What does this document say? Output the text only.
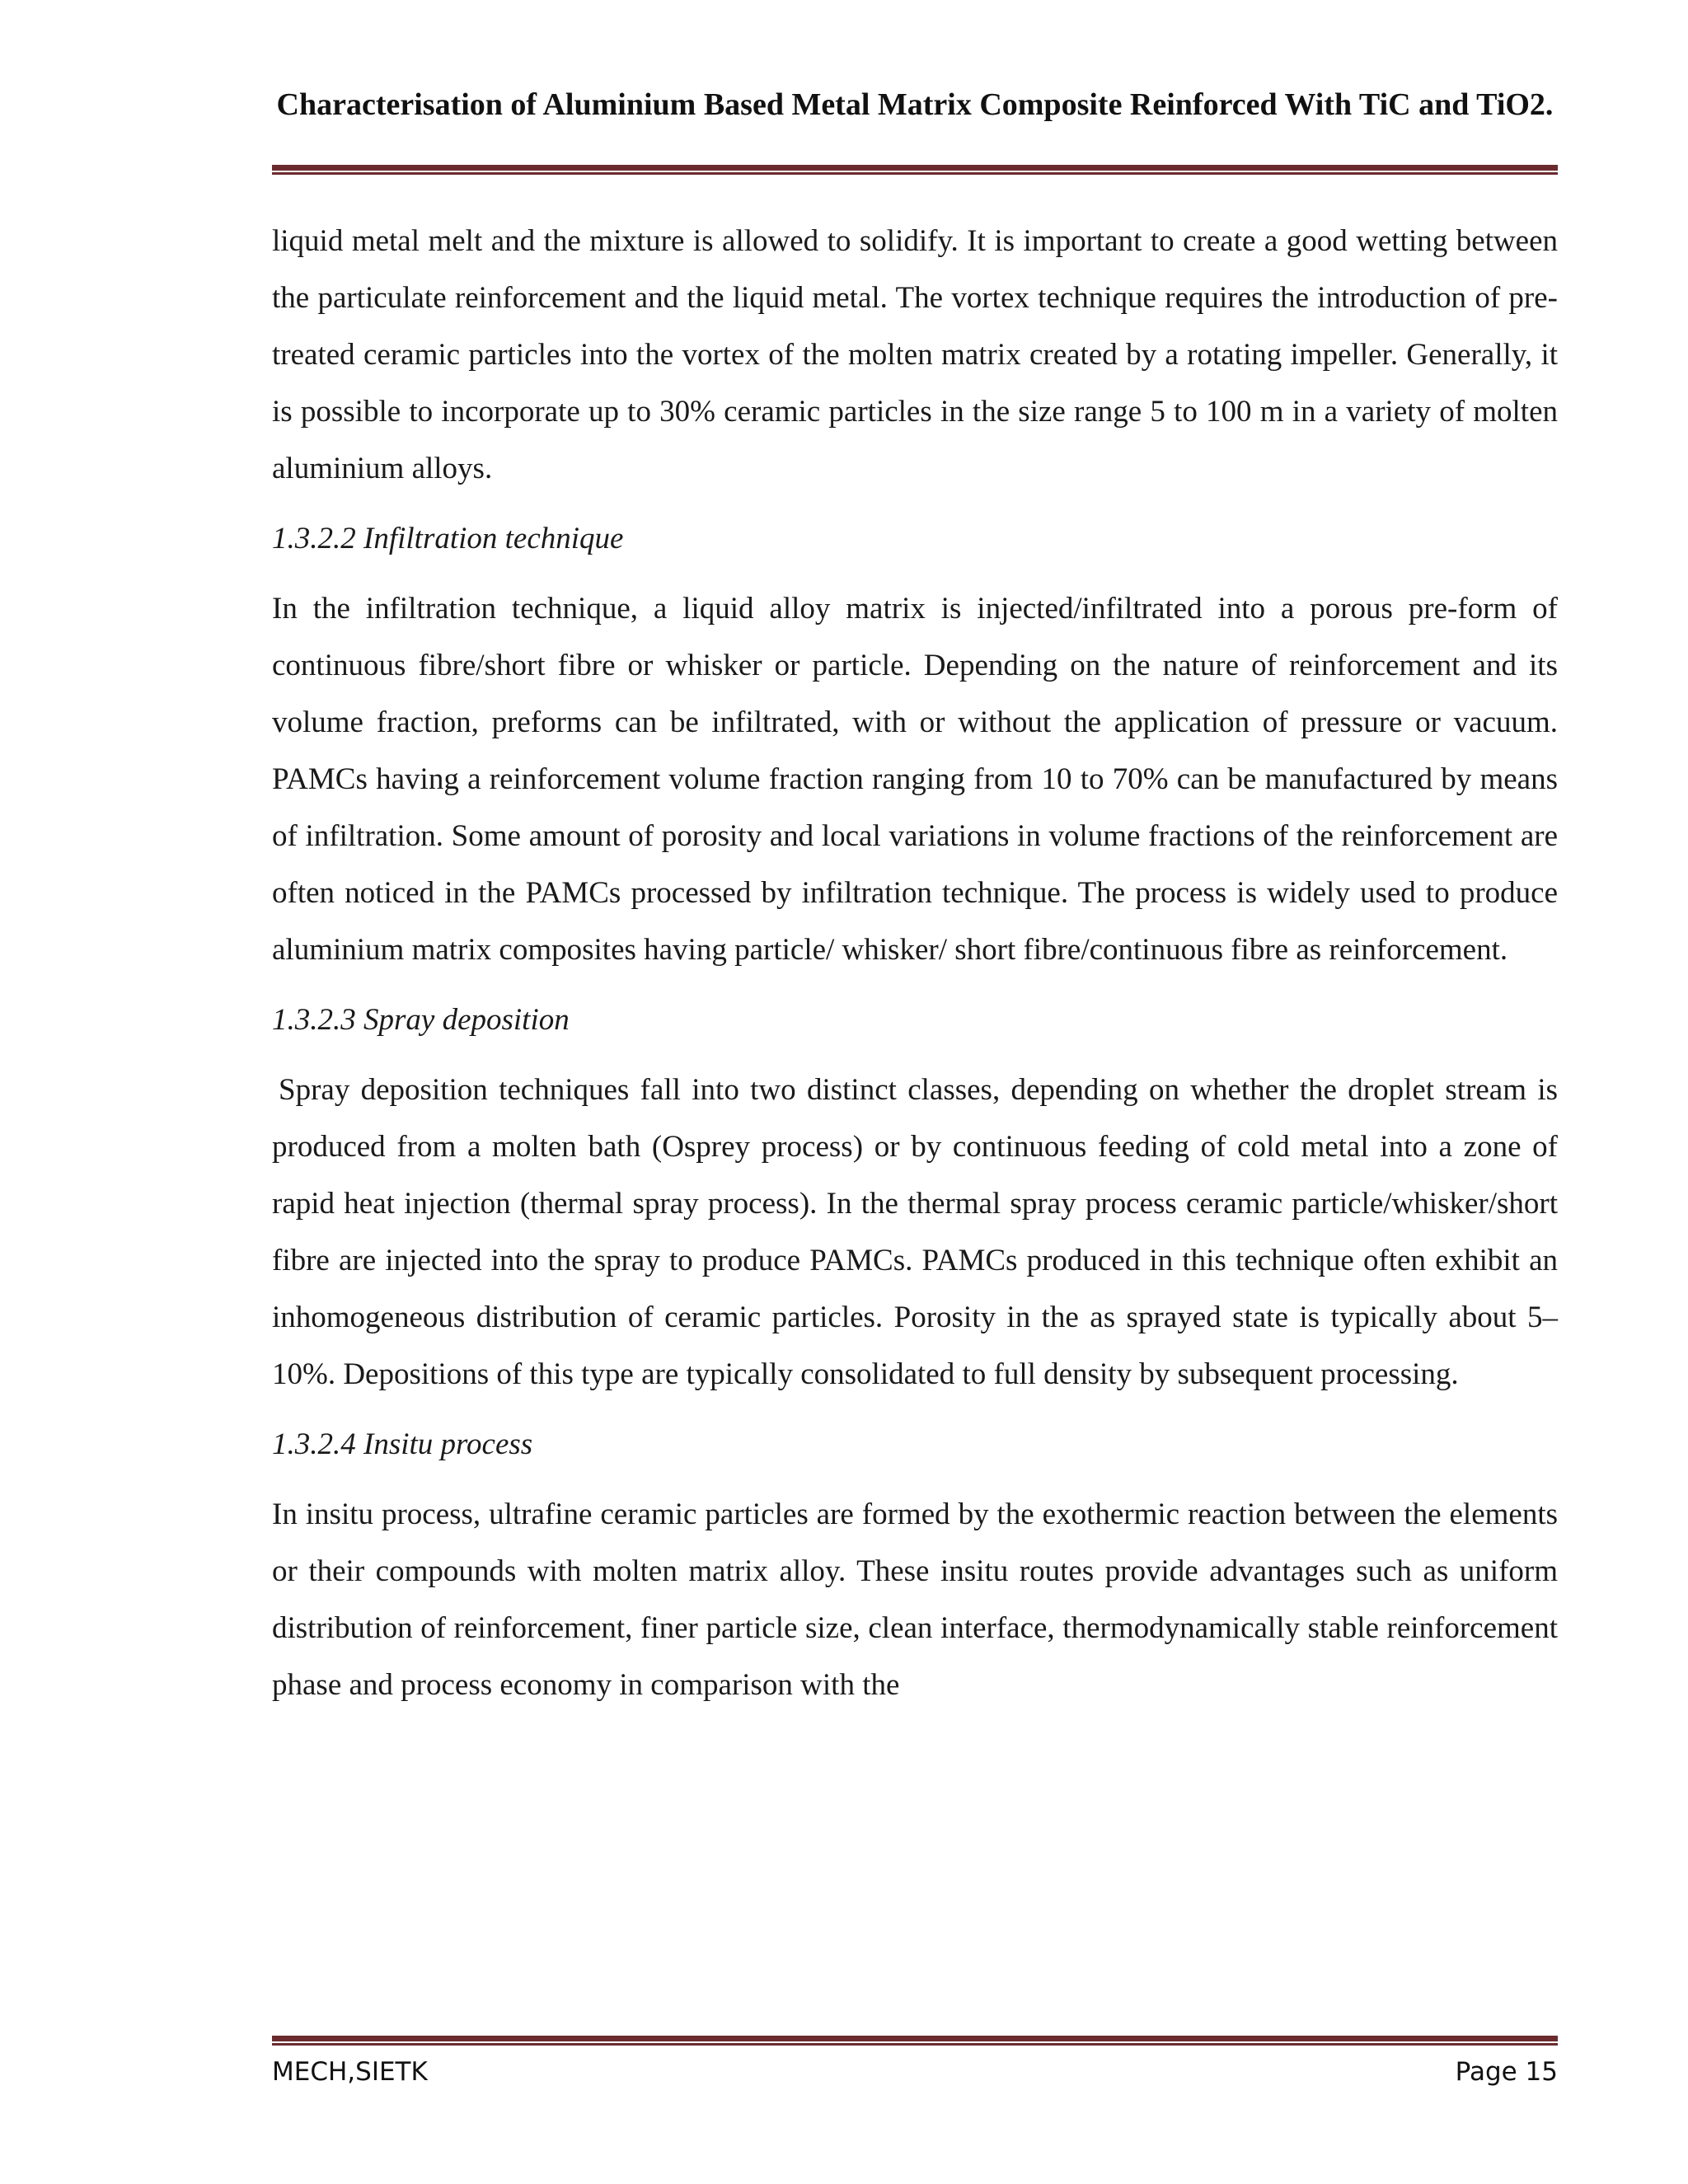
Characterisation of Aluminium Based Metal Matrix Composite Reinforced With TiC and TiO2.

liquid metal melt and the mixture is allowed to solidify. It is important to create a good wetting between the particulate reinforcement and the liquid metal. The vortex technique requires the introduction of pre-treated ceramic particles into the vortex of the molten matrix created by a rotating impeller. Generally, it is possible to incorporate up to 30% ceramic particles in the size range 5 to 100 m in a variety of molten aluminium alloys.

1.3.2.2 Infiltration technique

In the infiltration technique, a liquid alloy matrix is injected/infiltrated into a porous pre-form of continuous fibre/short fibre or whisker or particle. Depending on the nature of reinforcement and its volume fraction, preforms can be infiltrated, with or without the application of pressure or vacuum. PAMCs having a reinforcement volume fraction ranging from 10 to 70% can be manufactured by means of infiltration. Some amount of porosity and local variations in volume fractions of the reinforcement are often noticed in the PAMCs processed by infiltration technique. The process is widely used to produce aluminium matrix composites having particle/ whisker/ short fibre/continuous fibre as reinforcement.

1.3.2.3 Spray deposition

Spray deposition techniques fall into two distinct classes, depending on whether the droplet stream is produced from a molten bath (Osprey process) or by continuous feeding of cold metal into a zone of rapid heat injection (thermal spray process). In the thermal spray process ceramic particle/whisker/short fibre are injected into the spray to produce PAMCs. PAMCs produced in this technique often exhibit an inhomogeneous distribution of ceramic particles. Porosity in the as sprayed state is typically about 5–10%. Depositions of this type are typically consolidated to full density by subsequent processing.

1.3.2.4 Insitu process

In insitu process, ultrafine ceramic particles are formed by the exothermic reaction between the elements or their compounds with molten matrix alloy. These insitu routes provide advantages such as uniform distribution of reinforcement, finer particle size, clean interface, thermodynamically stable reinforcement phase and process economy in comparison with the

MECH,SIETK	Page 15
